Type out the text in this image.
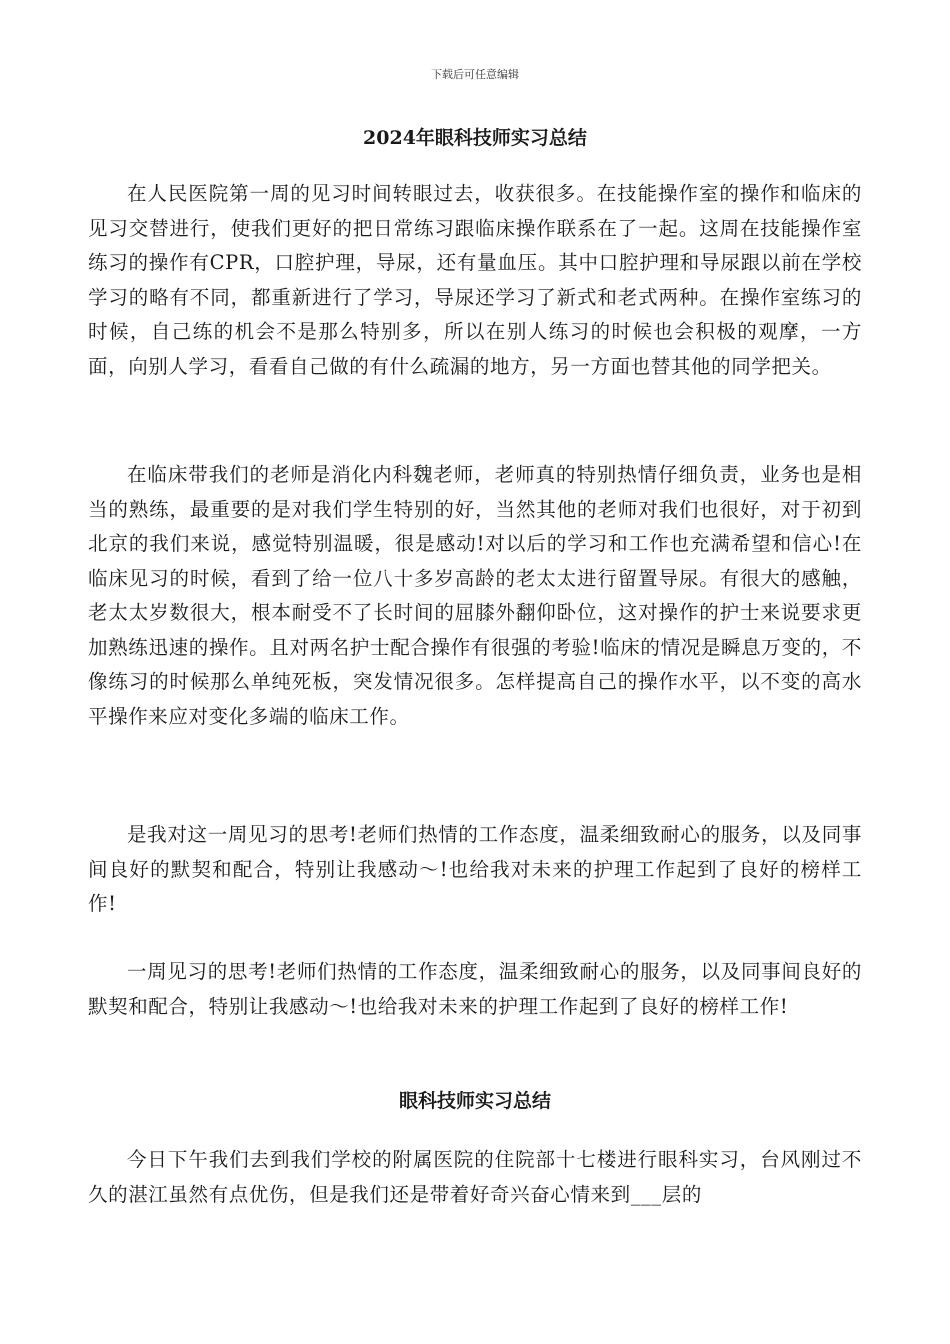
下载后可任意编辑
2024年眼科技师实习总结

在人民医院第一周的见习时间转眼过去，收获很多。在技能操作室的操作和临床的见习交替进行，使我们更好的把日常练习跟临床操作联系在了一起。这周在技能操作室练习的操作有CPR，口腔护理，导尿，还有量血压。其中口腔护理和导尿跟以前在学校学习的略有不同，都重新进行了学习，导尿还学习了新式和老式两种。在操作室练习的时候，自己练的机会不是那么特别多，所以在别人练习的时候也会积极的观摩，一方面，向别人学习，看看自己做的有什么疏漏的地方，另一方面也替其他的同学把关。

在临床带我们的老师是消化内科魏老师，老师真的特别热情仔细负责，业务也是相当的熟练，最重要的是对我们学生特别的好，当然其他的老师对我们也很好，对于初到北京的我们来说，感觉特别温暖，很是感动!对以后的学习和工作也充满希望和信心!在临床见习的时候，看到了给一位八十多岁高龄的老太太进行留置导尿。有很大的感触，老太太岁数很大，根本耐受不了长时间的屈膝外翻仰卧位，这对操作的护士来说要求更加熟练迅速的操作。且对两名护士配合操作有很强的考验!临床的情况是瞬息万变的，不像练习的时候那么单纯死板，突发情况很多。怎样提高自己的操作水平，以不变的高水平操作来应对变化多端的临床工作。

是我对这一周见习的思考!老师们热情的工作态度，温柔细致耐心的服务，以及同事间良好的默契和配合，特别让我感动～!也给我对未来的护理工作起到了良好的榜样工作!

一周见习的思考!老师们热情的工作态度，温柔细致耐心的服务，以及同事间良好的默契和配合，特别让我感动～!也给我对未来的护理工作起到了良好的榜样工作!

眼科技师实习总结

今日下午我们去到我们学校的附属医院的住院部十七楼进行眼科实习，台风刚过不久的湛江虽然有点优伤，但是我们还是带着好奇兴奋心情来到___层的
